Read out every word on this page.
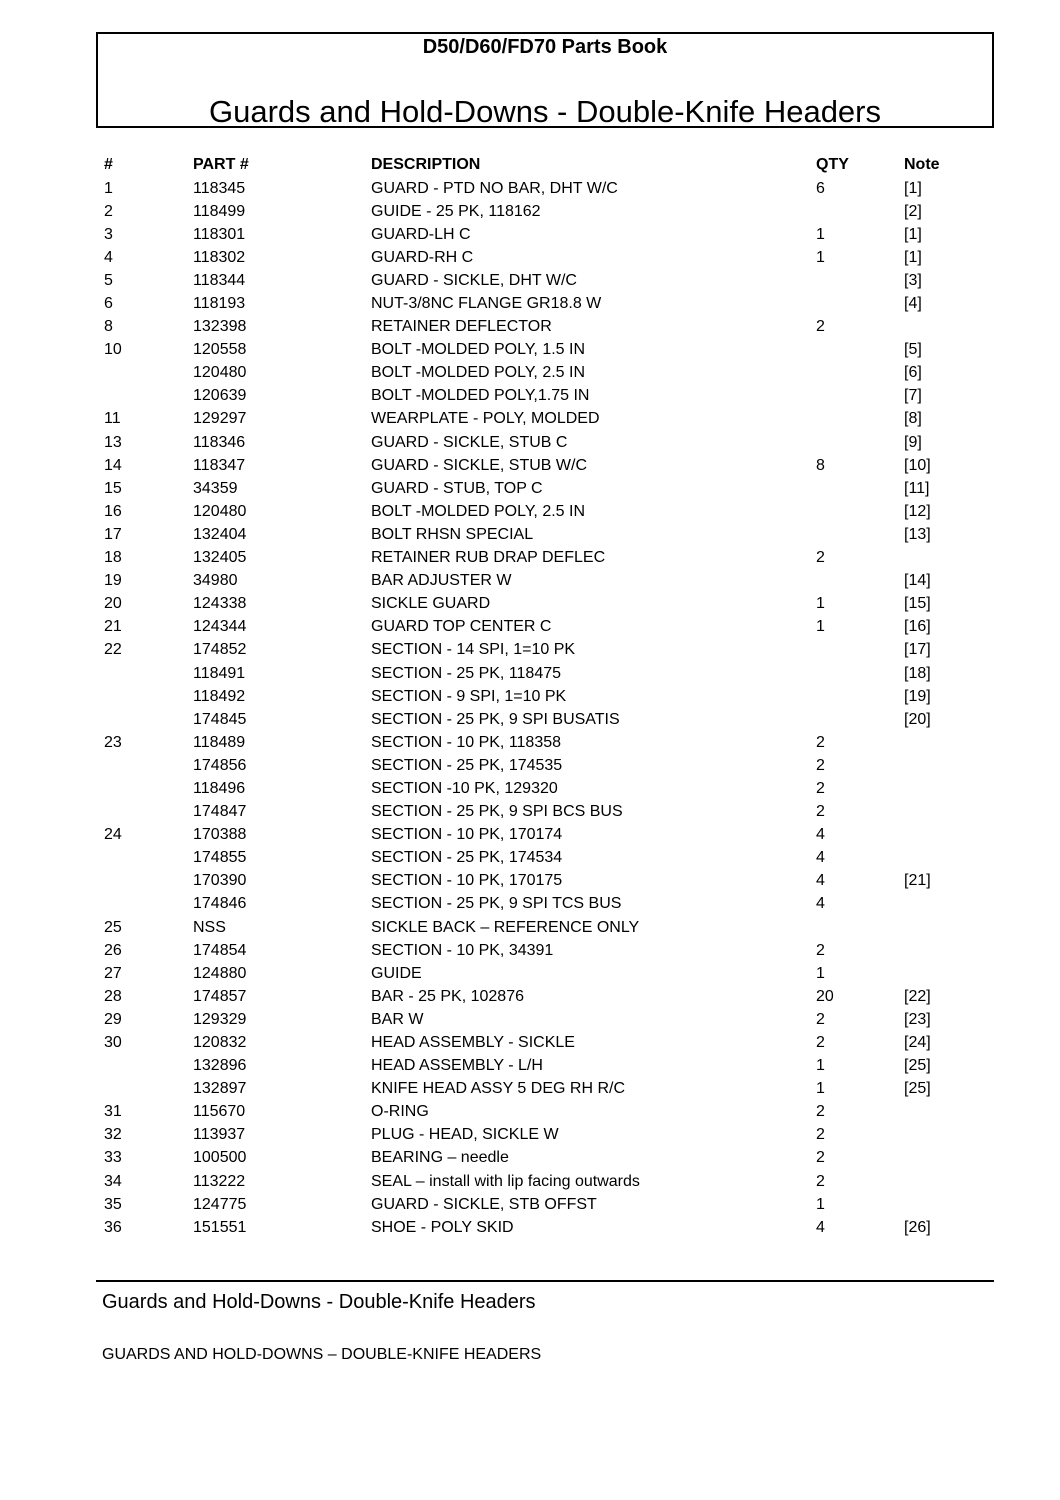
D50/D60/FD70 Parts Book
Guards and Hold-Downs - Double-Knife Headers
#	PART #	DESCRIPTION	QTY	Note
1	118345	GUARD - PTD NO BAR, DHT W/C	6	[1]
2	118499	GUIDE - 25 PK, 118162		[2]
3	118301	GUARD-LH C	1	[1]
4	118302	GUARD-RH C	1	[1]
5	118344	GUARD - SICKLE, DHT W/C		[3]
6	118193	NUT-3/8NC FLANGE GR18.8 W		[4]
8	132398	RETAINER DEFLECTOR	2	
10	120558	BOLT -MOLDED POLY, 1.5 IN		[5]
	120480	BOLT -MOLDED POLY, 2.5 IN		[6]
	120639	BOLT -MOLDED POLY,1.75 IN		[7]
11	129297	WEARPLATE - POLY, MOLDED		[8]
13	118346	GUARD - SICKLE, STUB C		[9]
14	118347	GUARD - SICKLE, STUB W/C	8	[10]
15	34359	GUARD - STUB, TOP C		[11]
16	120480	BOLT -MOLDED POLY, 2.5 IN		[12]
17	132404	BOLT RHSN SPECIAL		[13]
18	132405	RETAINER RUB DRAP DEFLEC	2	
19	34980	BAR ADJUSTER W		[14]
20	124338	SICKLE GUARD	1	[15]
21	124344	GUARD TOP CENTER C	1	[16]
22	174852	SECTION - 14 SPI, 1=10 PK		[17]
	118491	SECTION - 25 PK, 118475		[18]
	118492	SECTION - 9 SPI, 1=10 PK		[19]
	174845	SECTION - 25 PK, 9 SPI BUSATIS		[20]
23	118489	SECTION - 10 PK, 118358	2	
	174856	SECTION - 25 PK, 174535	2	
	118496	SECTION -10 PK, 129320	2	
	174847	SECTION - 25 PK, 9 SPI BCS BUS	2	
24	170388	SECTION - 10 PK, 170174	4	
	174855	SECTION - 25 PK, 174534	4	
	170390	SECTION - 10 PK, 170175	4	[21]
	174846	SECTION - 25 PK, 9 SPI TCS BUS	4	
25	NSS	SICKLE BACK – REFERENCE ONLY		
26	174854	SECTION - 10 PK, 34391	2	
27	124880	GUIDE	1	
28	174857	BAR - 25 PK, 102876	20	[22]
29	129329	BAR W	2	[23]
30	120832	HEAD ASSEMBLY - SICKLE	2	[24]
	132896	HEAD ASSEMBLY - L/H	1	[25]
	132897	KNIFE HEAD ASSY 5 DEG RH R/C	1	[25]
31	115670	O-RING	2	
32	113937	PLUG - HEAD, SICKLE W	2	
33	100500	BEARING – needle	2	
34	113222	SEAL – install with lip facing outwards	2	
35	124775	GUARD - SICKLE, STB OFFST	1	
36	151551	SHOE - POLY SKID	4	[26]
Guards and Hold-Downs - Double-Knife Headers
GUARDS AND HOLD-DOWNS – DOUBLE-KNIFE HEADERS
